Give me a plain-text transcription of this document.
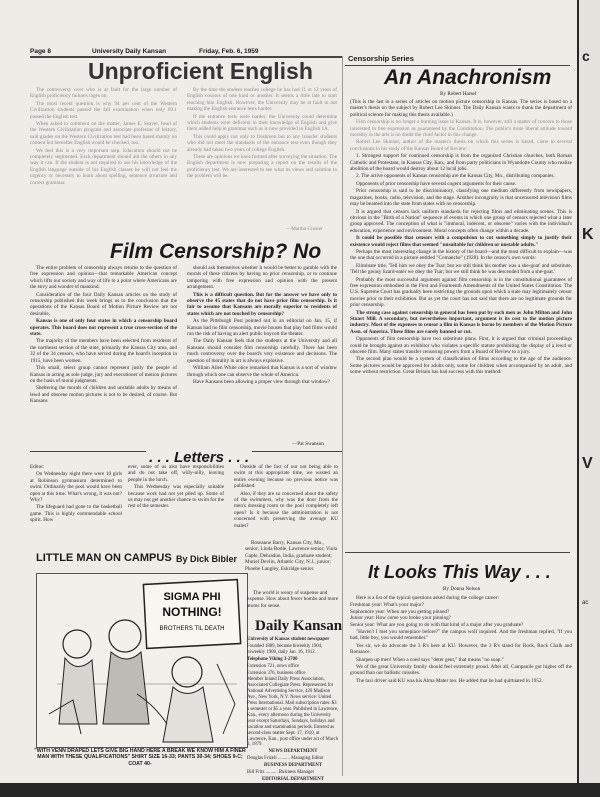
Page 8	University Daily Kansan	Friday, Feb. 6, 1959
Censorship Series
Unproficient English

The controversy over who is at fault for the large number of English proficiency failures rages on.

The most recent question is why 94 per cent of the Western Civilization students passed the fall examination when only 69.1 passed the English test.

When asked to comment on the matter, James E. Seaver, head of the Western Civilization program and associate professor of history, said grades on the Western Civilization test had been based mainly on content but hereafter English would be checked, too.

We feel this is a very important step. Education should not be completely segmented. Each department should aid the others in any way it can. If the student is not required to use his knowledge of the English language outside of his English classes he will not feel the urgency or necessity to learn about spelling, sentence structure and correct grammar.

By the time the student reaches college he has had 11 or 12 years of English courses of one kind or another. It seems a little late to start teaching him English. However, the University may be at fault in not making the English entrance tests harder.

If the entrance tests were harder, the University could determine which students were deficient in their knowledge of English and give them added help in grammar such as is now provided in English 1A.

This could apply not only to freshmen but to any transfer students who did not meet the standards of the entrance test even though they already had taken two years of college English.

These are opinions we have formed after surveying the situation. The English department is now preparing a report on the results of the proficiency test. We are interested to see what its views and solution to the problem will be.

—Martha Crosier
Film Censorship? No

The entire problem of censorship always returns to the question of free expression and opinion—that remarkable American concept which lifts our society and way of life to a point where Americans are the envy and wonder of mankind.

Consideration of the four Daily Kansan articles on the study of censorship published this week brings us to the conclusion that the operations of the Kansas Board of Motion Picture Review are not desirable.

Kansas is one of only four states in which a censorship board operates. This board does not represent a true cross-section of the state.

The majority of the members have been selected from residents of the northeast section of the state, primarily the Kansas City area, and 32 of the 34 censors, who have served during the board's inception in 1915, have been women.

This small, select group cannot represent justly the people of Kansas in acting as sole judge, jury and executioner of motion pictures on the basis of moral judgments.

Sheltering the morals of children and unstable adults by means of lewd and obscene motion pictures is not to be desired, of course. But Kansans

should ask themselves whether it would be better to gamble with the morals of these citizens by having no prior censorship, or to continue tampering with free expression and opinion with the present arrangement.

This is a difficult question. But for the answer we have only to observe the 45 states that do not have prior film censorship. Is it fair to assume that Kansans are morally superior to residents of states which are not touched by censorship?

As the Pittsburgh Post pointed out in an editorial on Jan. 15, if Kansas had no film censorship, movie houses that play bad films would run the risk of having an alert public boycott the theater.

The Daily Kansan feels that the students at the University and all Kansans should consider film censorship carefully. There has been much controversy over the board's very existence and decisions. The question of morality in art is always explosive.

William Allen White once remarked that Kansas is a sort of window through which one can observe the whole of America.

Have Kansans been allowing a proper view through that window?

—Pat Swanson
. . . Letters . . .

Editor:

On Wednesday night there were 10 girls at Robinson gymnasium determined to swim. Ordinarily the pool would have been open at this time. What's wrong, it was not? Why?

The lifeguard had gone to the basketball game. This is highly commendable school spirit. How

ever, some of us also have responsibilities and do not take off, willy-nilly, leaving people in the lurch.

This Wednesday was especially suitable because work had not yet piled up. Some of us may not get another chance to swim for the rest of the semester.

Outside of the fact of our not being able to swim at this appropriate time, we wasted an entire evening because no previous notice was published.

Also, if they are so concerned about the safety of the swimmers, why was the door from the men's dressing room to the pool completely left open? Is it because the administration is not concerned with preserving the average KU males?

Roseanne Barry, Kansas City, Mo., senior; Linda Bodle, Lawrence senior; Viola Gaple, Dehradun, India, graduate student; Muriel Devlin, Atlantic City, N.J., junior; Phoebe Langley, Eskridge senior.

LITTLE MAN ON CAMPUS By Dick Bibler
SIGMA PHI
NOTHING!
BROTHERS TIL DEATH
"WITH VENN DRAPED LETS GIVE BIG HAND HERE A BREAK WE KNOW HIM A FINER MAN WITH THESE QUALIFICATIONS" SHIRT SIZE 16-33; PANTS 30-34; SHOES 9-C; COAT 40-

The world is weary of suspense and expense. How about fewer bombs and more atoms for sense.

Daily Kansan

University of Kansas student newspaper

Founded 1889, became biweekly 1904, triweekly 1908, daily Jan. 16, 1912.

Telephone Viking 3-2700

Extension 721, news office

Extension 376, business office

Member Inland Daily Press Association, Associated Collegiate Press. Represented for National Advertising Service, 420 Madison Ave., New York, N.Y. News service: United Press International. Mail subscription rates: $3 a semester or $5 a year. Published in Lawrence, Kan., every afternoon during the University year except Saturdays, Sundays, holidays and vacation and examination periods. Entered as second-class matter Sept. 17, 1910, at Lawrence, Kan., post office under act of March 3, 1879.

NEWS DEPARTMENT

Douglas Frizell .......... Managing Editor

BUSINESS DEPARTMENT

Bill Fritz .......... Business Manager

EDITORIAL DEPARTMENT

Pat Swanson and Martha Crosier

Co-Editorial Editors

An Anachronism
By Robert Harsel

(This is the last in a series of articles on motion picture censorship in Kansas. The series is based on a master's thesis on the subject by Robert Lee Skinner. The Daily Kansan wants to thank the department of political science for making this thesis available.)

Film censorship is no longer a burning issue in Kansas. It is, however, still a matter of concern to those interested in free expression as guaranteed by the Constitution. The public's more liberal attitude toward morality in the arts is no doubt the chief factor in this change.

Robert Lee Skinner, author of the master's thesis on which this series is based, came to several conclusions in his study of the Kansas Board of Review:

1. Strongest support for continued censorship is from the organized Christian churches, both Roman Catholic and Protestant, in Kansas City, Kan., and from party politicians in Wyandotte County who realize abolition of the board would destroy about 12 local jobs.

2. The active opponents of Kansas censorship are the Kansas City, Mo., distributing companies.

Opponents of prior censorship have several cogent arguments for their cause.

Prior censorship is said to be discriminatory, classifying one medium differently from newspapers, magazines, books, radio, television, and the stage. Another incongruity is that uncensored television films may be beamed into the state from states with no censorship.

It is argued that censors lack uniform standards for rejecting films and eliminating scenes. This is obvious in the "Birth of a Nation" sequence of events in which one group of censors rejected what a later group approved. The conception of what is "immoral, indecent, or obscene" varies with the individual's education, experience and environment. Moral concepts often change within a decade.

It could be possible that censors with a compulsion to cut something simply to justify their existence would reject films that seemed "unsuitable for children or unstable adults."

Perhaps the most interesting change in the history of the board—and the most difficult to explain—was the one that occurred in a picture entitled "Comanche" (1928). In the censor's own words:

Eliminate title, 'Tell him we obey the Tsar; but we still think his mother was a she-goat' and substitute, 'Tell the greasy lizard-eater we obey the Tsar; but we still think he was descended from a she-goat.'

Probably the most successful argument against film censorship is in the constitutional guarantees of free expression embodied in the First and Fourteenth Amendments of the United States Constitution. The U.S. Supreme Court has gradually been restricting the grounds upon which a state may legitimately censor movies prior to their exhibition. But as yet the court has not said that there are no legitimate grounds for prior censorship.

The strong case against censorship in general has been put by such men as John Milton and John Stuart Mill. A secondary, but nevertheless important, argument is its cost to the motion picture industry. Most of the expenses to censor a film in Kansas is borne by members of the Motion Picture Assn. of America. These films are rarely banned or cut.

Opponents of film censorship have two substitute plans. First, it is argued that criminal proceedings could be brought against an exhibitor who violates a specific statute prohibiting the display of a lewd or obscene film. Many states transfer censoring powers from a Board of Review to a jury.

The second plan would be a system of classification of films according to the age of the audience. Some pictures would be approved for adults only, some for children when accompanied by an adult, and some without restriction. Great Britain has had success with this method.

It Looks This Way . . .
By Donna Nelson

Here is a list of the typical questions asked during the college career:

Freshman year: What's your major?

Sophomore year: When are you getting pinned?

Junior year: How come you broke your pinning?

Senior year: What are you going to do with that kind of a major after you graduate?

"Haven't I met you someplace before?" the campus wolf inquired. And the freshman replied, "If you had, little boy, you would remember."

Yes sir, we do advocate the 3 R's here at KU. However, the 3 R's stand for Rock, Rock Chalk and Romance.

Sharpen up men! When a coed says "deter gent," that means "no soap."

We of the great University family should feel extremely proud. After all, Campanile got higher off the ground than our ballistic missiles.

The taxi driver said KU was his Alma Mater too. He added that he had quittuated in 1952.

c
K
V
ac
